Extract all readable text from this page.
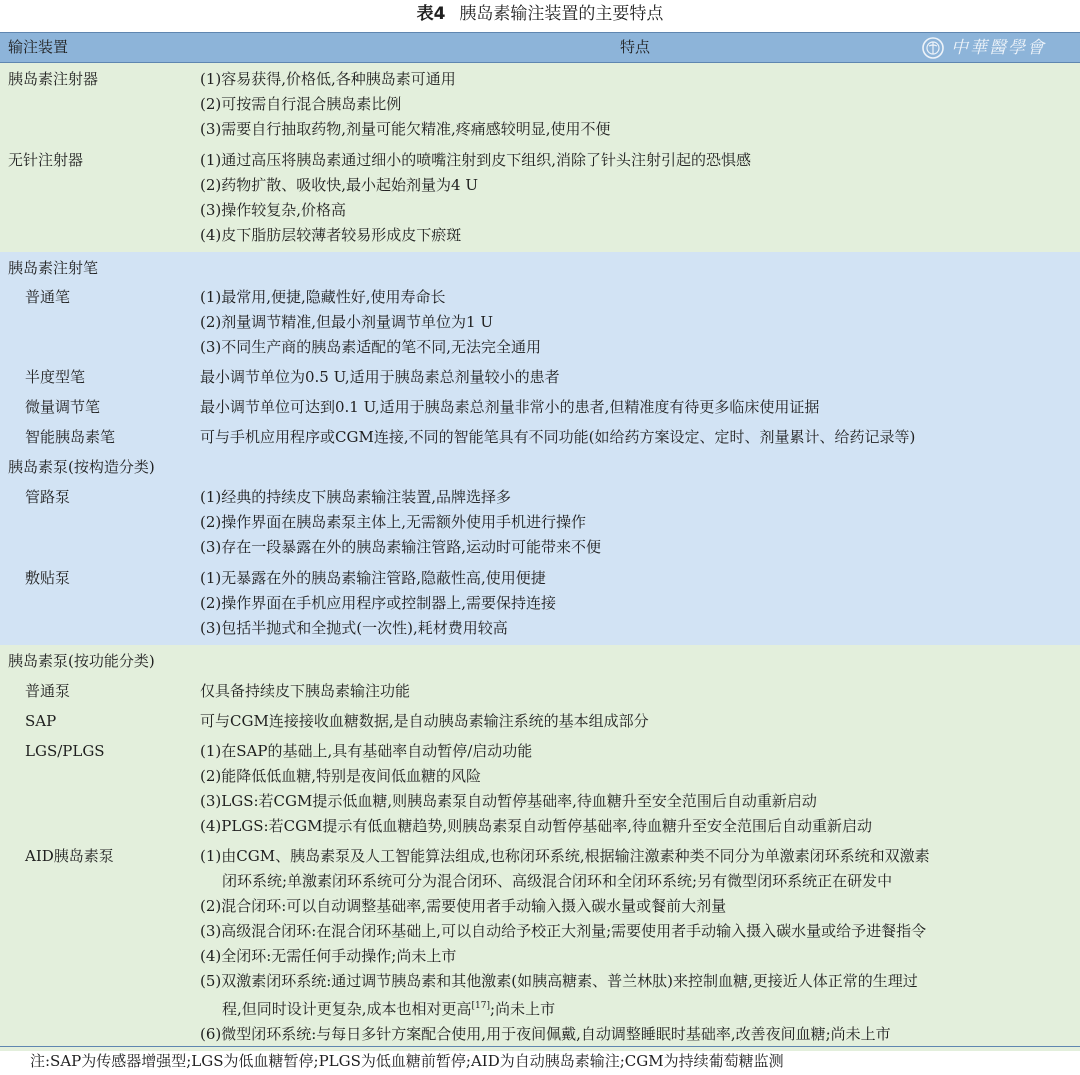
表4 胰岛素输注装置的主要特点
输注装置	特点	中華醫學會
胰岛素注射器	(1)容易获得,价格低,各种胰岛素可通用
(2)可按需自行混合胰岛素比例
(3)需要自行抽取药物,剂量可能欠精准,疼痛感较明显,使用不便
无针注射器	(1)通过高压将胰岛素通过细小的喷嘴注射到皮下组织,消除了针头注射引起的恐惧感
(2)药物扩散、吸收快,最小起始剂量为4 U
(3)操作较复杂,价格高
(4)皮下脂肪层较薄者较易形成皮下瘀斑
胰岛素注射笔
普通笔	(1)最常用,便捷,隐藏性好,使用寿命长
(2)剂量调节精准,但最小剂量调节单位为1 U
(3)不同生产商的胰岛素适配的笔不同,无法完全通用
半度型笔	最小调节单位为0.5 U,适用于胰岛素总剂量较小的患者
微量调节笔	最小调节单位可达到0.1 U,适用于胰岛素总剂量非常小的患者,但精准度有待更多临床使用证据
智能胰岛素笔	可与手机应用程序或CGM连接,不同的智能笔具有不同功能(如给药方案设定、定时、剂量累计、给药记录等)
胰岛素泵(按构造分类)
管路泵	(1)经典的持续皮下胰岛素输注装置,品牌选择多
(2)操作界面在胰岛素泵主体上,无需额外使用手机进行操作
(3)存在一段暴露在外的胰岛素输注管路,运动时可能带来不便
敷贴泵	(1)无暴露在外的胰岛素输注管路,隐蔽性高,使用便捷
(2)操作界面在手机应用程序或控制器上,需要保持连接
(3)包括半抛式和全抛式(一次性),耗材费用较高
胰岛素泵(按功能分类)
普通泵	仅具备持续皮下胰岛素输注功能
SAP	可与CGM连接接收血糖数据,是自动胰岛素输注系统的基本组成部分
LGS/PLGS	(1)在SAP的基础上,具有基础率自动暂停/启动功能
(2)能降低低血糖,特别是夜间低血糖的风险
(3)LGS:若CGM提示低血糖,则胰岛素泵自动暂停基础率,待血糖升至安全范围后自动重新启动
(4)PLGS:若CGM提示有低血糖趋势,则胰岛素泵自动暂停基础率,待血糖升至安全范围后自动重新启动
AID胰岛素泵	(1)由CGM、胰岛素泵及人工智能算法组成,也称闭环系统,根据输注激素种类不同分为单激素闭环系统和双激素
闭环系统;单激素闭环系统可分为混合闭环、高级混合闭环和全闭环系统;另有微型闭环系统正在研发中
(2)混合闭环:可以自动调整基础率,需要使用者手动输入摄入碳水量或餐前大剂量
(3)高级混合闭环:在混合闭环基础上,可以自动给予校正大剂量;需要使用者手动输入摄入碳水量或给予进餐指令
(4)全闭环:无需任何手动操作;尚未上市
(5)双激素闭环系统:通过调节胰岛素和其他激素(如胰高糖素、普兰林肽)来控制血糖,更接近人体正常的生理过
程,但同时设计更复杂,成本也相对更高[17];尚未上市
(6)微型闭环系统:与每日多针方案配合使用,用于夜间佩戴,自动调整睡眠时基础率,改善夜间血糖;尚未上市
注:SAP为传感器增强型;LGS为低血糖暂停;PLGS为低血糖前暂停;AID为自动胰岛素输注;CGM为持续葡萄糖监测
